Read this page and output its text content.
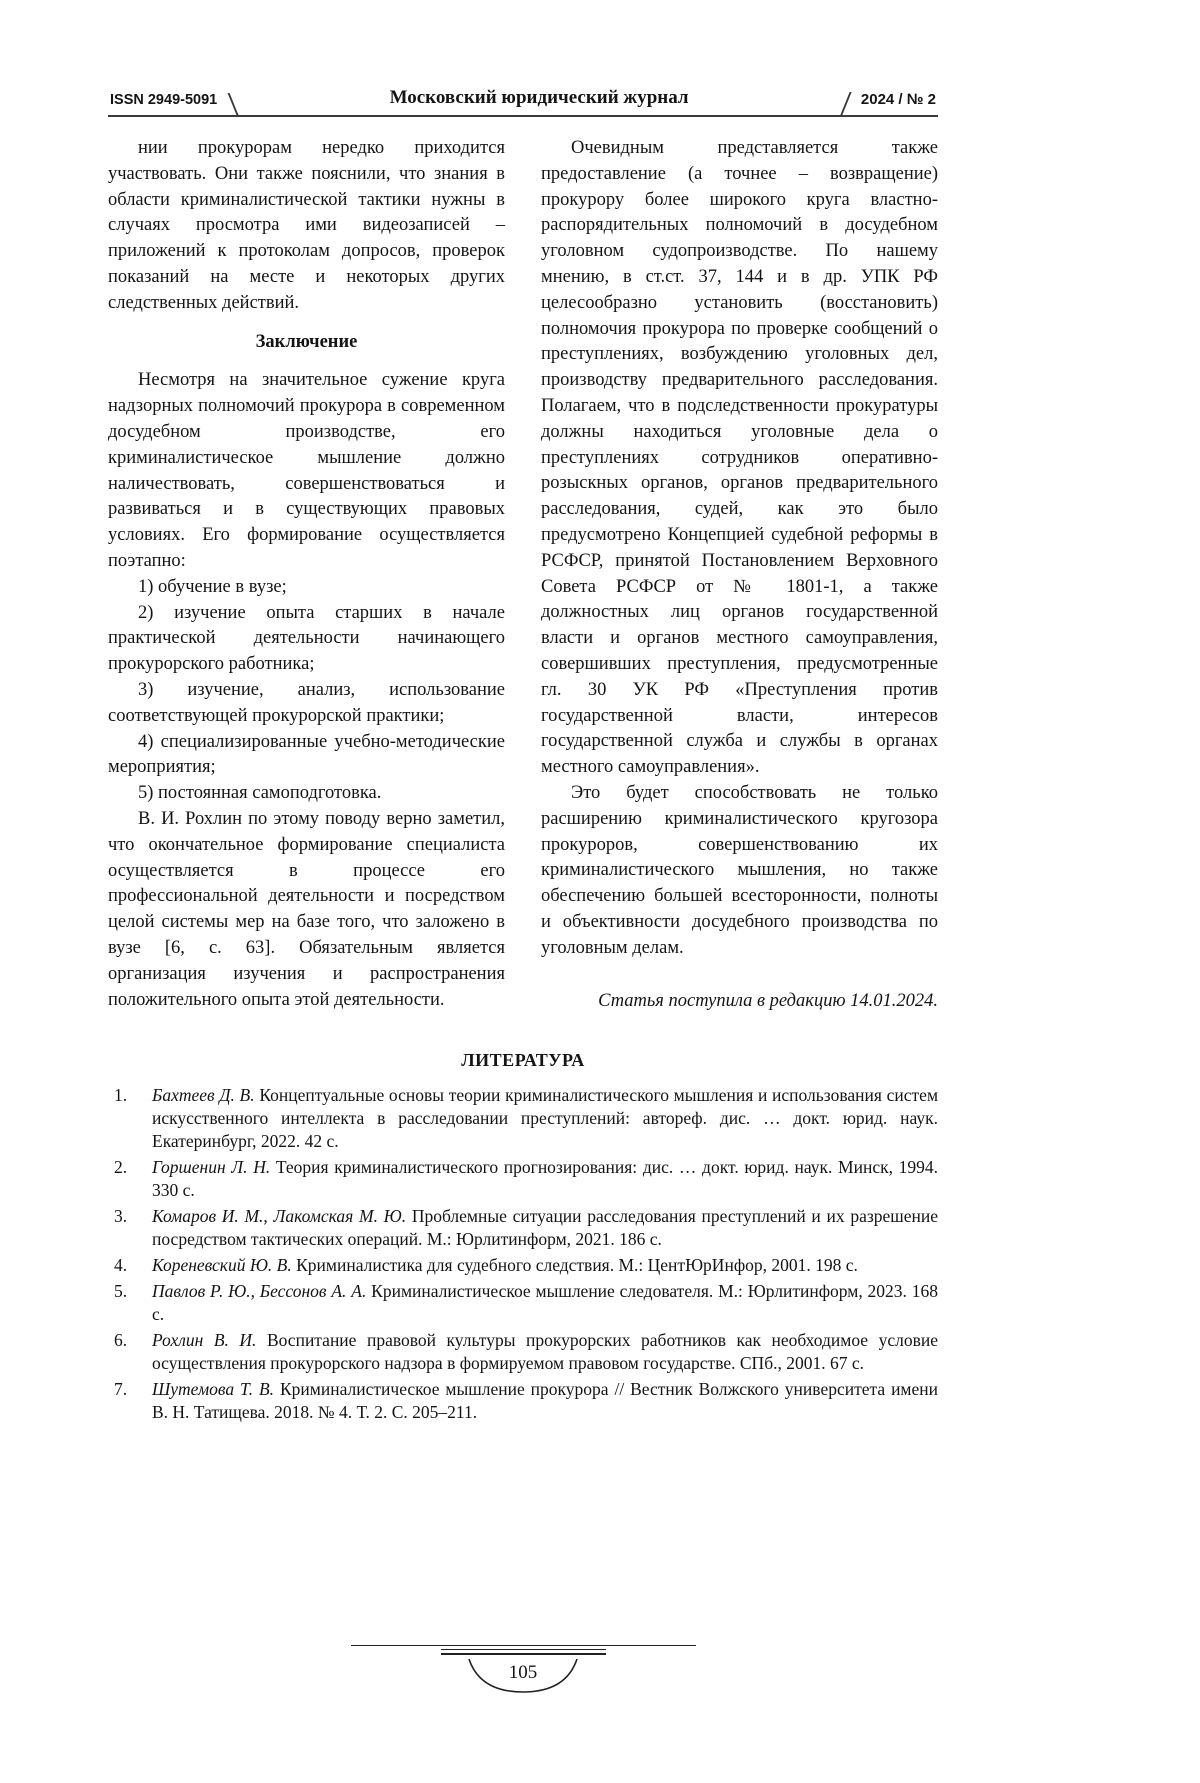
ISSN 2949-5091	Московский юридический журнал	2024 / № 2

нии прокурорам нередко приходится участвовать. Они также пояснили, что знания в области криминалистической тактики нужны в случаях просмотра ими видеозаписей – приложений к протоколам допросов, проверок показаний на месте и некоторых других следственных действий.

Заключение

Несмотря на значительное сужение круга надзорных полномочий прокурора в современном досудебном производстве, его криминалистическое мышление должно наличествовать, совершенствоваться и развиваться и в существующих правовых условиях. Его формирование осуществляется поэтапно:

1) обучение в вузе;

2) изучение опыта старших в начале практической деятельности начинающего прокурорского работника;

3) изучение, анализ, использование соответствующей прокурорской практики;

4) специализированные учебно-методические мероприятия;

5) постоянная самоподготовка.

В. И. Рохлин по этому поводу верно заметил, что окончательное формирование специалиста осуществляется в процессе его профессиональной деятельности и посредством целой системы мер на базе того, что заложено в вузе [6, с. 63]. Обязательным является организация изучения и распространения положительного опыта этой деятельности.

Очевидным представляется также предоставление (а точнее – возвращение) прокурору более широкого круга властно-распорядительных полномочий в досудебном уголовном судопроизводстве. По нашему мнению, в ст.ст. 37, 144 и в др. УПК РФ целесообразно установить (восстановить) полномочия прокурора по проверке сообщений о преступлениях, возбуждению уголовных дел, производству предварительного расследования. Полагаем, что в подследственности прокуратуры должны находиться уголовные дела о преступлениях сотрудников оперативно-розыскных органов, органов предварительного расследования, судей, как это было предусмотрено Концепцией судебной реформы в РСФСР, принятой Постановлением Верховного Совета РСФСР от № 1801-1, а также должностных лиц органов государственной власти и органов местного самоуправления, совершивших преступления, предусмотренные гл. 30 УК РФ «Преступления против государственной власти, интересов государственной служба и службы в органах местного самоуправления».

Это будет способствовать не только расширению криминалистического кругозора прокуроров, совершенствованию их криминалистического мышления, но также обеспечению большей всесторонности, полноты и объективности досудебного производства по уголовным делам.

Статья поступила в редакцию 14.01.2024.

ЛИТЕРАТУРА
1. Бахтеев Д. В. Концептуальные основы теории криминалистического мышления и использования систем искусственного интеллекта в расследовании преступлений: автореф. дис. … докт. юрид. наук. Екатеринбург, 2022. 42 с.
2. Горшенин Л. Н. Теория криминалистического прогнозирования: дис. … докт. юрид. наук. Минск, 1994. 330 с.
3. Комаров И. М., Лакомская М. Ю. Проблемные ситуации расследования преступлений и их разрешение посредством тактических операций. М.: Юрлитинформ, 2021. 186 с.
4. Кореневский Ю. В. Криминалистика для судебного следствия. М.: ЦентЮрИнфор, 2001. 198 с.
5. Павлов Р. Ю., Бессонов А. А. Криминалистическое мышление следователя. М.: Юрлитинформ, 2023. 168 с.
6. Рохлин В. И. Воспитание правовой культуры прокурорских работников как необходимое условие осуществления прокурорского надзора в формируемом правовом государстве. СПб., 2001. 67 с.
7. Шутемова Т. В. Криминалистическое мышление прокурора // Вестник Волжского университета имени В. Н. Татищева. 2018. № 4. Т. 2. С. 205–211.
105
